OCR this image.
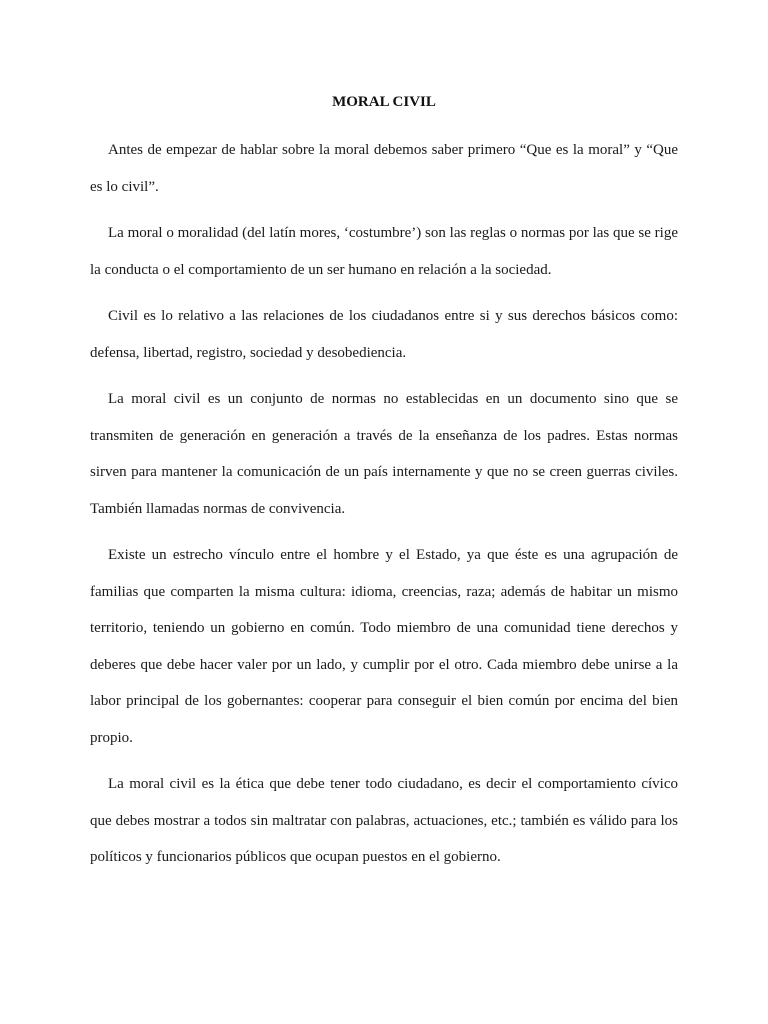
MORAL CIVIL

Antes de empezar de hablar sobre la moral debemos saber primero “Que es la moral” y “Que es lo civil”.

La moral o moralidad (del latín mores, ‘costumbre’) son las reglas o normas por las que se rige la conducta o el comportamiento de un ser humano en relación a la sociedad.

Civil es lo relativo a las relaciones de los ciudadanos entre si y sus derechos básicos como: defensa, libertad, registro, sociedad y desobediencia.

La moral civil es un conjunto de normas no establecidas en un documento sino que se transmiten de generación en generación a través de la enseñanza de los padres. Estas normas sirven para mantener la comunicación de un país internamente y que no se creen guerras civiles. También llamadas normas de convivencia.

Existe un estrecho vínculo entre el hombre y el Estado, ya que éste es una agrupación de familias que comparten la misma cultura: idioma, creencias, raza; además de habitar un mismo territorio, teniendo un gobierno en común. Todo miembro de una comunidad tiene derechos y deberes que debe hacer valer por un lado, y cumplir por el otro. Cada miembro debe unirse a la labor principal de los gobernantes: cooperar para conseguir el bien común por encima del bien propio.

La moral civil es la ética que debe tener todo ciudadano, es decir el comportamiento cívico que debes mostrar a todos sin maltratar con palabras, actuaciones, etc.; también es válido para los políticos y funcionarios públicos que ocupan puestos en el gobierno.
